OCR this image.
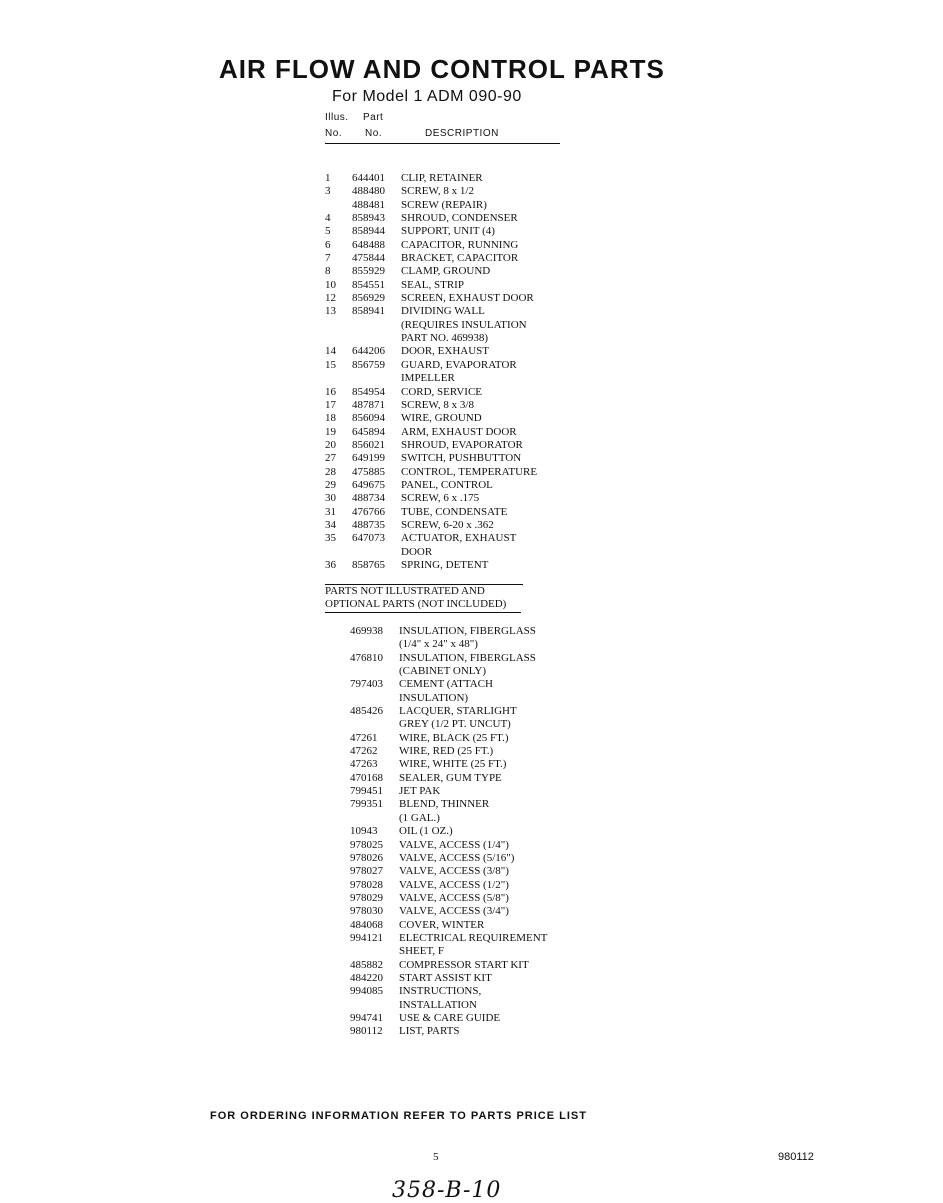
AIR FLOW AND CONTROL PARTS
For Model 1 ADM 090-90
Illus. Part
No. No.	DESCRIPTION
1	644401 CLIP, RETAINER
3	488480 SCREW, 8 x 1/2
488481 SCREW (REPAIR)
4	858943 SHROUD, CONDENSER
5	858944 SUPPORT, UNIT (4)
6	648488 CAPACITOR, RUNNING
7	475844 BRACKET, CAPACITOR
8	855929 CLAMP, GROUND
10	854551 SEAL, STRIP
12	856929 SCREEN, EXHAUST DOOR
13	858941 DIVIDING WALL
(REQUIRES INSULATION
PART NO. 469938)
14	644206 DOOR, EXHAUST
15	856759 GUARD, EVAPORATOR
IMPELLER
16	854954 CORD, SERVICE
17	487871 SCREW, 8 x 3/8
18	856094 WIRE, GROUND
19	645894 ARM, EXHAUST DOOR
20	856021 SHROUD, EVAPORATOR
27	649199 SWITCH, PUSHBUTTON
28	475885 CONTROL, TEMPERATURE
29	649675 PANEL, CONTROL
30	488734 SCREW, 6 x .175
31	476766 TUBE, CONDENSATE
34	488735 SCREW, 6-20 x .362
35	647073 ACTUATOR, EXHAUST
DOOR
36	858765 SPRING, DETENT
PARTS NOT ILLUSTRATED AND
OPTIONAL PARTS (NOT INCLUDED)
469938 INSULATION, FIBERGLASS
(1/4" x 24" x 48")
476810 INSULATION, FIBERGLASS
(CABINET ONLY)
797403 CEMENT (ATTACH
INSULATION)
485426 LACQUER, STARLIGHT
GREY (1/2 PT. UNCUT)
47261 WIRE, BLACK (25 FT.)
47262 WIRE, RED (25 FT.)
47263 WIRE, WHITE (25 FT.)
470168 SEALER, GUM TYPE
799451 JET PAK
799351 BLEND, THINNER
(1 GAL.)
10943 OIL (1 OZ.)
978025 VALVE, ACCESS (1/4")
978026 VALVE, ACCESS (5/16")
978027 VALVE, ACCESS (3/8")
978028 VALVE, ACCESS (1/2")
978029 VALVE, ACCESS (5/8")
978030 VALVE, ACCESS (3/4")
484068 COVER, WINTER
994121 ELECTRICAL REQUIREMENT
SHEET, F
485882 COMPRESSOR START KIT
484220 START ASSIST KIT
994085 INSTRUCTIONS,
INSTALLATION
994741 USE & CARE GUIDE
980112 LIST, PARTS
FOR ORDERING INFORMATION REFER TO PARTS PRICE LIST
5	980112
358-B-10
